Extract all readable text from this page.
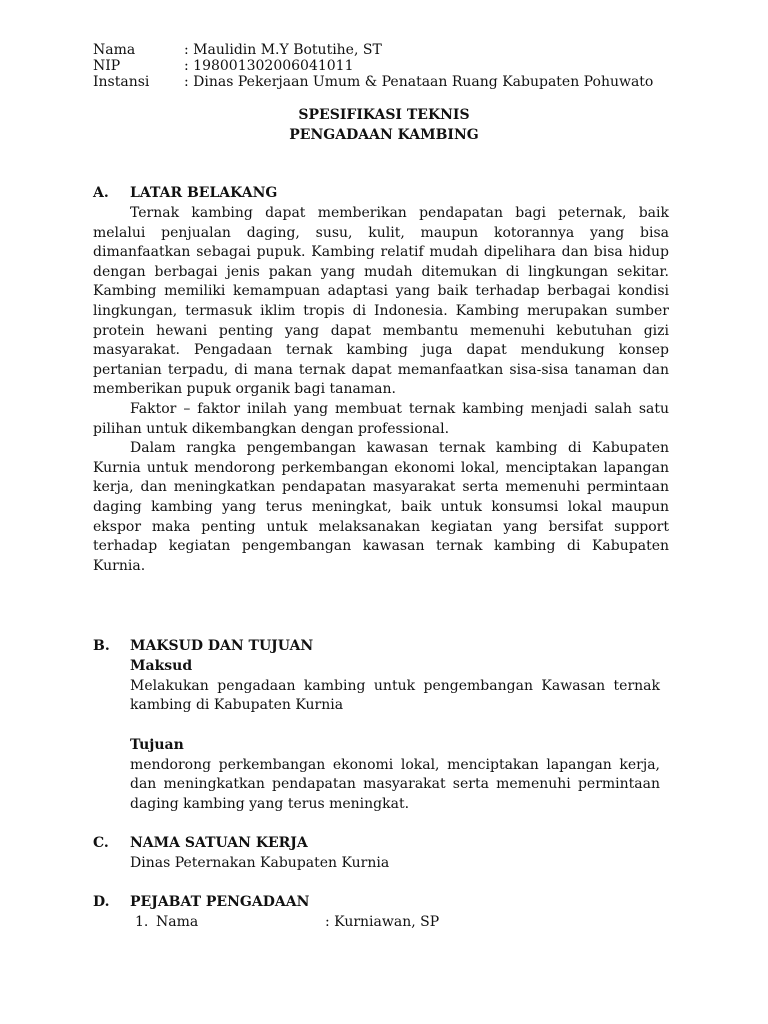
Nama	: Maulidin M.Y Botutihe, ST
NIP	: 198001302006041011
Instansi	: Dinas Pekerjaan Umum & Penataan Ruang Kabupaten Pohuwato
SPESIFIKASI TEKNIS
PENGADAAN KAMBING
A. LATAR BELAKANG

Ternak kambing dapat memberikan pendapatan bagi peternak, baik melalui penjualan daging, susu, kulit, maupun kotorannya yang bisa dimanfaatkan sebagai pupuk. Kambing relatif mudah dipelihara dan bisa hidup dengan berbagai jenis pakan yang mudah ditemukan di lingkungan sekitar. Kambing memiliki kemampuan adaptasi yang baik terhadap berbagai kondisi lingkungan, termasuk iklim tropis di Indonesia. Kambing merupakan sumber protein hewani penting yang dapat membantu memenuhi kebutuhan gizi masyarakat. Pengadaan ternak kambing juga dapat mendukung konsep pertanian terpadu, di mana ternak dapat memanfaatkan sisa-sisa tanaman dan memberikan pupuk organik bagi tanaman.

Faktor – faktor inilah yang membuat ternak kambing menjadi salah satu pilihan untuk dikembangkan dengan professional.

Dalam rangka pengembangan kawasan ternak kambing di Kabupaten Kurnia untuk mendorong perkembangan ekonomi lokal, menciptakan lapangan kerja, dan meningkatkan pendapatan masyarakat serta memenuhi permintaan daging kambing yang terus meningkat, baik untuk konsumsi lokal maupun ekspor maka penting untuk melaksanakan kegiatan yang bersifat support terhadap kegiatan pengembangan kawasan ternak kambing di Kabupaten Kurnia.

B. MAKSUD DAN TUJUAN
Maksud
Melakukan pengadaan kambing untuk pengembangan Kawasan ternak kambing di Kabupaten Kurnia
Tujuan
mendorong perkembangan ekonomi lokal, menciptakan lapangan kerja, dan meningkatkan pendapatan masyarakat serta memenuhi permintaan daging kambing yang terus meningkat.
C. NAMA SATUAN KERJA
Dinas Peternakan Kabupaten Kurnia
D. PEJABAT PENGADAAN
1. Nama	: Kurniawan, SP
